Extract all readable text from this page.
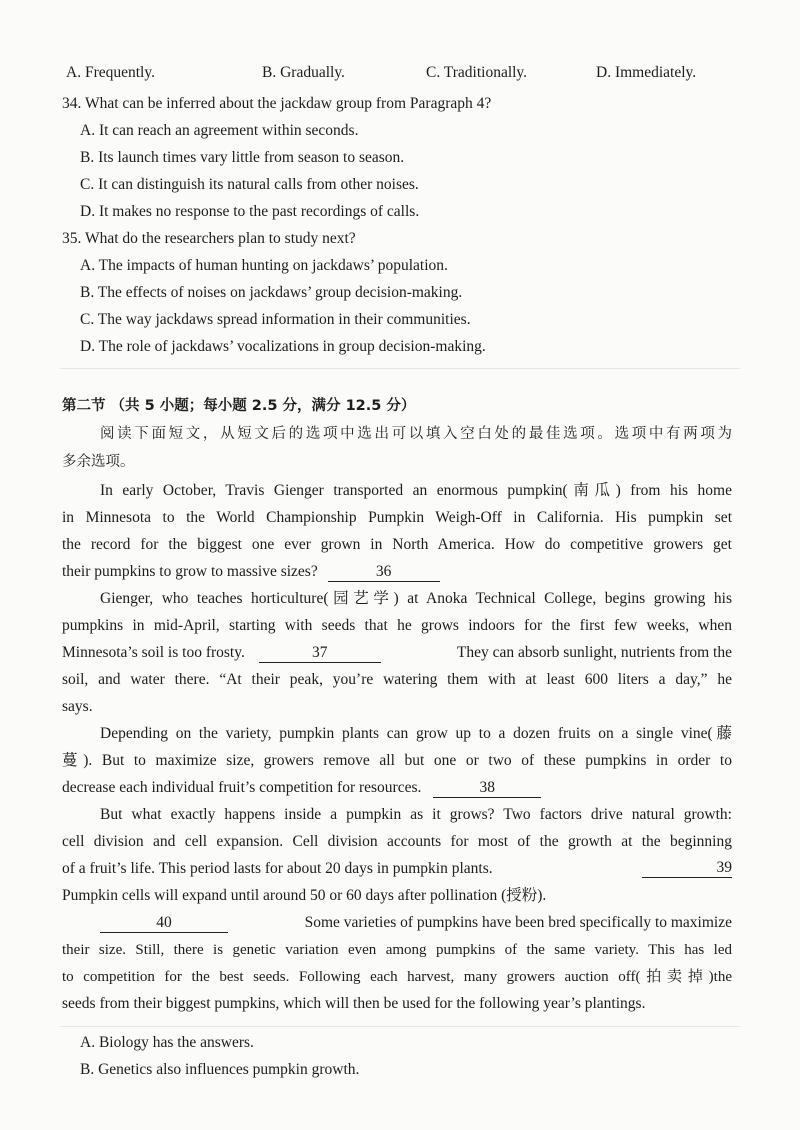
A. Frequently.	B. Gradually.	C. Traditionally.	D. Immediately.
34. What can be inferred about the jackdaw group from Paragraph 4?
A. It can reach an agreement within seconds.
B. Its launch times vary little from season to season.
C. It can distinguish its natural calls from other noises.
D. It makes no response to the past recordings of calls.
35. What do the researchers plan to study next?
A. The impacts of human hunting on jackdaws’ population.
B. The effects of noises on jackdaws’ group decision-making.
C. The way jackdaws spread information in their communities.
D. The role of jackdaws’ vocalizations in group decision-making.
第二节 （共 5 小题；每小题 2.5 分，满分 12.5 分）
阅读下面短文，从短文后的选项中选出可以填入空白处的最佳选项。选项中有两项为
多余选项。
In early October, Travis Gienger transported an enormous pumpkin(南瓜) from his home
in Minnesota to the World Championship Pumpkin Weigh-Off in California. His pumpkin set
the record for the biggest one ever grown in North America. How do competitive growers get
their pumpkins to grow to massive sizes?	36
Gienger, who teaches horticulture(园艺学) at Anoka Technical College, begins growing his
pumpkins in mid-April, starting with seeds that he grows indoors for the first few weeks, when
Minnesota’s soil is too frosty.	37	They can absorb sunlight, nutrients from the
soil, and water there. “At their peak, you’re watering them with at least 600 liters a day,” he
says.
Depending on the variety, pumpkin plants can grow up to a dozen fruits on a single vine(藤
蔓). But to maximize size, growers remove all but one or two of these pumpkins in order to
decrease each individual fruit’s competition for resources.	38
But what exactly happens inside a pumpkin as it grows? Two factors drive natural growth:
cell division and cell expansion. Cell division accounts for most of the growth at the beginning
of a fruit’s life. This period lasts for about 20 days in pumpkin plants.	39
Pumpkin cells will expand until around 50 or 60 days after pollination (授粉).
40	Some varieties of pumpkins have been bred specifically to maximize
their size. Still, there is genetic variation even among pumpkins of the same variety. This has led
to competition for the best seeds. Following each harvest, many growers auction off(拍卖掉)the
seeds from their biggest pumpkins, which will then be used for the following year’s plantings.
A. Biology has the answers.
B. Genetics also influences pumpkin growth.
